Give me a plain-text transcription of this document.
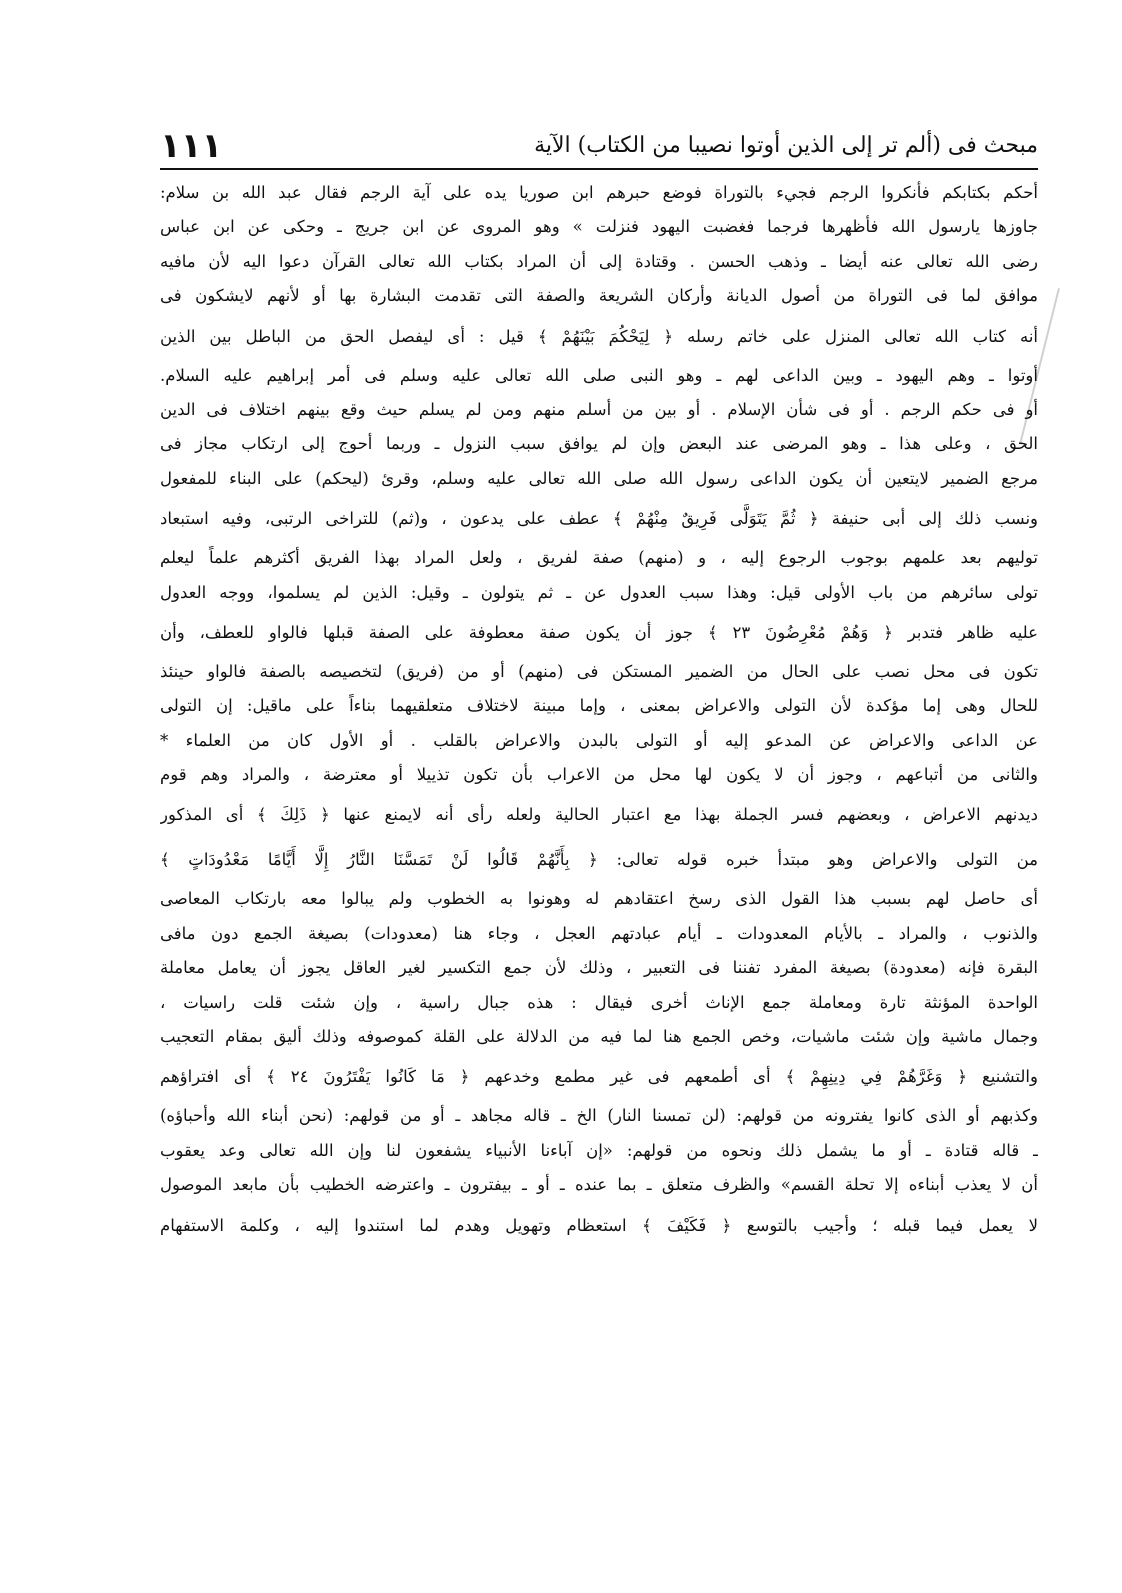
١١١	مبحث فى (ألم تر إلى الذين أوتوا نصيبا من الكتاب) الآية
أحكم بكتابكم فأنكروا الرجم فجيء بالتوراة فوضع حبرهم ابن صوريا يده على آية الرجم فقال عبد الله بن سلام:
جاوزها يارسول الله فأظهرها فرجما فغضبت اليهود فنزلت » وهو المروى عن ابن جريج ـ وحكى عن ابن عباس
رضى الله تعالى عنه أيضا ـ وذهب الحسن . وقتادة إلى أن المراد بكتاب الله تعالى القرآن دعوا اليه لأن مافيه
موافق لما فى التوراة من أصول الديانة وأركان الشريعة والصفة التى تقدمت البشارة بها أو لأنهم لايشكون فى
أنه كتاب الله تعالى المنزل على خاتم رسله ﴿ لِيَحْكُمَ بَيْنَهُمْ ﴾ قيل : أى ليفصل الحق من الباطل بين الذين
أوتوا ـ وهم اليهود ـ وبين الداعى لهم ـ وهو النبى صلى الله تعالى عليه وسلم فى أمر إبراهيم عليه السلام.
أو فى حكم الرجم . أو فى شأن الإسلام . أو بين من أسلم منهم ومن لم يسلم حيث وقع بينهم اختلاف فى الدين
الحق ، وعلى هذا ـ وهو المرضى عند البعض وإن لم يوافق سبب النزول ـ وربما أحوج إلى ارتكاب مجاز فى
مرجع الضمير لايتعين أن يكون الداعى رسول الله صلى الله تعالى عليه وسلم، وقرئ (ليحكم) على البناء للمفعول
ونسب ذلك إلى أبى حنيفة ﴿ ثُمَّ يَتَوَلَّى فَرِيقٌ مِنْهُمْ ﴾ عطف على يدعون ، و(ثم) للتراخى الرتبى، وفيه استبعاد
توليهم بعد علمهم بوجوب الرجوع إليه ، و (منهم) صفة لفريق ، ولعل المراد بهذا الفريق أكثرهم علماً ليعلم
تولى سائرهم من باب الأولى قيل: وهذا سبب العدول عن ـ ثم يتولون ـ وقيل: الذين لم يسلموا، ووجه العدول
عليه ظاهر فتدبر ﴿ وَهُمْ مُعْرِضُونَ ٢٣ ﴾ جوز أن يكون صفة معطوفة على الصفة قبلها فالواو للعطف، وأن
تكون فى محل نصب على الحال من الضمير المستكن فى (منهم) أو من (فريق) لتخصيصه بالصفة فالواو حينئذ
للحال وهى إما مؤكدة لأن التولى والاعراض بمعنى ، وإما مبينة لاختلاف متعلقيهما بناءاً على ماقيل: إن التولى
عن الداعى والاعراض عن المدعو إليه أو التولى بالبدن والاعراض بالقلب . أو الأول كان من العلماء *
والثانى من أتباعهم ، وجوز أن لا يكون لها محل من الاعراب بأن تكون تذييلا أو معترضة ، والمراد وهم قوم
ديدنهم الاعراض ، وبعضهم فسر الجملة بهذا مع اعتبار الحالية ولعله رأى أنه لايمنع عنها ﴿ ذَلِكَ ﴾ أى المذكور
من التولى والاعراض وهو مبتدأ خبره قوله تعالى: ﴿ بِأَنَّهُمْ قَالُوا لَنْ تَمَسَّنَا النَّارُ إِلَّا أَيَّامًا مَعْدُودَاتٍ ﴾
أى حاصل لهم بسبب هذا القول الذى رسخ اعتقادهم له وهونوا به الخطوب ولم يبالوا معه بارتكاب المعاصى
والذنوب ، والمراد ـ بالأيام المعدودات ـ أيام عبادتهم العجل ، وجاء هنا (معدودات) بصيغة الجمع دون مافى
البقرة فإنه (معدودة) بصيغة المفرد تفننا فى التعبير ، وذلك لأن جمع التكسير لغير العاقل يجوز أن يعامل معاملة
الواحدة المؤنثة تارة ومعاملة جمع الإناث أخرى فيقال : هذه جبال راسية ، وإن شئت قلت راسيات ،
وجمال ماشية وإن شئت ماشيات، وخص الجمع هنا لما فيه من الدلالة على القلة كموصوفه وذلك أليق بمقام التعجيب
والتشنيع ﴿ وَغَرَّهُمْ فِي دِينِهِمْ ﴾ أى أطمعهم فى غير مطمع وخدعهم ﴿ مَا كَانُوا يَفْتَرُونَ ٢٤ ﴾ أى افتراؤهم
وكذبهم أو الذى كانوا يفترونه من قولهم: (لن تمسنا النار) الخ ـ قاله مجاهد ـ أو من قولهم: (نحن أبناء الله وأحباؤه)
ـ قاله قتادة ـ أو ما يشمل ذلك ونحوه من قولهم: «إن آباءنا الأنبياء يشفعون لنا وإن الله تعالى وعد يعقوب
أن لا يعذب أبناءه إلا تحلة القسم» والظرف متعلق ـ بما عنده ـ أو ـ بيفترون ـ واعترضه الخطيب بأن مابعد الموصول
لا يعمل فيما قبله ؛ وأجيب بالتوسع ﴿ فَكَيْفَ ﴾ استعظام وتهويل وهدم لما استندوا إليه ، وكلمة الاستفهام
